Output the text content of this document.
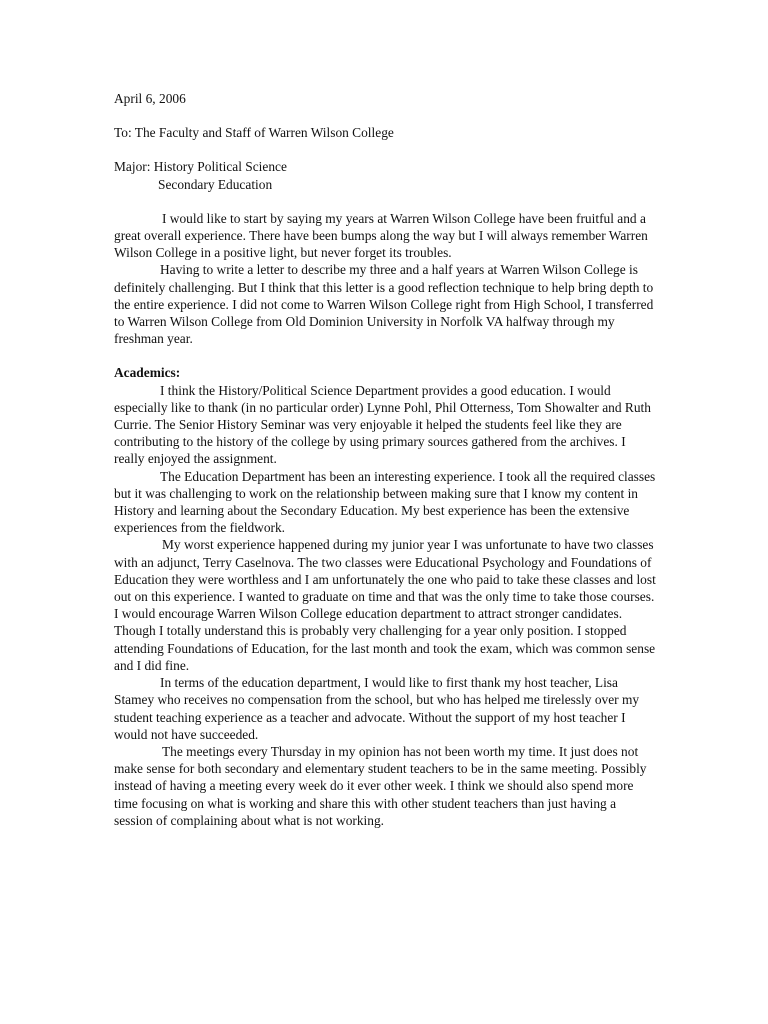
April 6, 2006

To: The Faculty and Staff of Warren Wilson College

Major: History Political Science

Secondary Education

I would like to start by saying my years at Warren Wilson College have been fruitful and a great overall experience. There have been bumps along the way but I will always remember Warren Wilson College in a positive light, but never forget its troubles.

Having to write a letter to describe my three and a half years at Warren Wilson College is definitely challenging. But I think that this letter is a good reflection technique to help bring depth to the entire experience. I did not come to Warren Wilson College right from High School, I transferred to Warren Wilson College from Old Dominion University in Norfolk VA halfway through my freshman year.

Academics:

I think the History/Political Science Department provides a good education. I would especially like to thank (in no particular order) Lynne Pohl, Phil Otterness, Tom Showalter and Ruth Currie. The Senior History Seminar was very enjoyable it helped the students feel like they are contributing to the history of the college by using primary sources gathered from the archives. I really enjoyed the assignment.

The Education Department has been an interesting experience. I took all the required classes but it was challenging to work on the relationship between making sure that I know my content in History and learning about the Secondary Education. My best experience has been the extensive experiences from the fieldwork.

My worst experience happened during my junior year I was unfortunate to have two classes with an adjunct, Terry Caselnova. The two classes were Educational Psychology and Foundations of Education they were worthless and I am unfortunately the one who paid to take these classes and lost out on this experience. I wanted to graduate on time and that was the only time to take those courses. I would encourage Warren Wilson College education department to attract stronger candidates. Though I totally understand this is probably very challenging for a year only position. I stopped attending Foundations of Education, for the last month and took the exam, which was common sense and I did fine.

In terms of the education department, I would like to first thank my host teacher, Lisa Stamey who receives no compensation from the school, but who has helped me tirelessly over my student teaching experience as a teacher and advocate. Without the support of my host teacher I would not have succeeded.

The meetings every Thursday in my opinion has not been worth my time. It just does not make sense for both secondary and elementary student teachers to be in the same meeting. Possibly instead of having a meeting every week do it ever other week. I think we should also spend more time focusing on what is working and share this with other student teachers than just having a session of complaining about what is not working.
